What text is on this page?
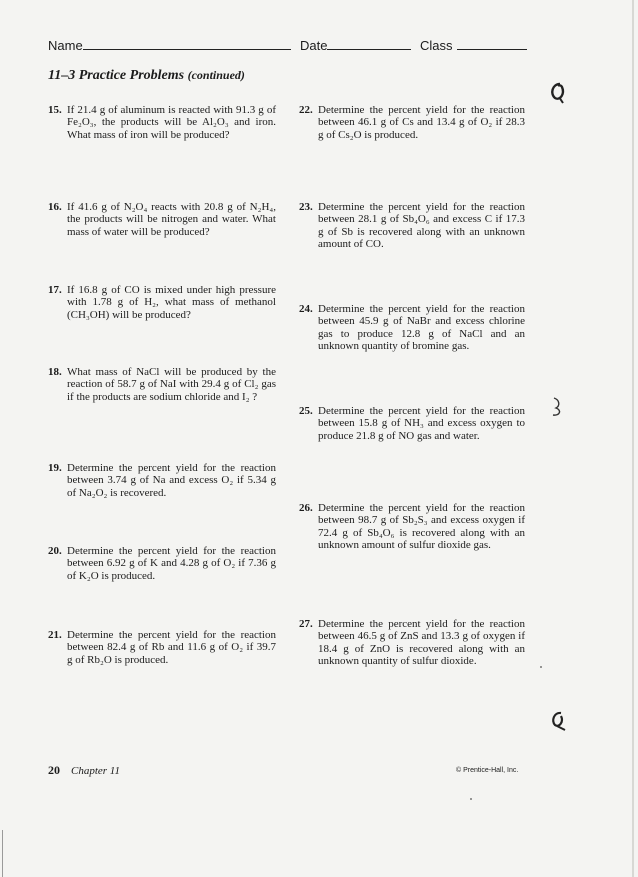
Name	Date	Class
11–3 Practice Problems (continued)
15. If 21.4 g of aluminum is reacted with 91.3 g of Fe₂O₃, the products will be Al₂O₃ and iron. What mass of iron will be produced?
16. If 41.6 g of N₂O₄ reacts with 20.8 g of N₂H₄, the products will be nitrogen and water. What mass of water will be produced?
17. If 16.8 g of CO is mixed under high pressure with 1.78 g of H₂, what mass of methanol (CH₃OH) will be produced?
18. What mass of NaCl will be produced by the reaction of 58.7 g of NaI with 29.4 g of Cl₂ gas if the products are sodium chloride and I₂ ?
19. Determine the percent yield for the reaction between 3.74 g of Na and excess O₂ if 5.34 g of Na₂O₂ is recovered.
20. Determine the percent yield for the reaction between 6.92 g of K and 4.28 g of O₂ if 7.36 g of K₂O is produced.
21. Determine the percent yield for the reaction between 82.4 g of Rb and 11.6 g of O₂ if 39.7 g of Rb₂O is produced.
22. Determine the percent yield for the reaction between 46.1 g of Cs and 13.4 g of O₂ if 28.3 g of Cs₂O is produced.
23. Determine the percent yield for the reaction between 28.1 g of Sb₄O₆ and excess C if 17.3 g of Sb is recovered along with an unknown amount of CO.
24. Determine the percent yield for the reaction between 45.9 g of NaBr and excess chlorine gas to produce 12.8 g of NaCl and an unknown quantity of bromine gas.
25. Determine the percent yield for the reaction between 15.8 g of NH₃ and excess oxygen to produce 21.8 g of NO gas and water.
26. Determine the percent yield for the reaction between 98.7 g of Sb₂S₃ and excess oxygen if 72.4 g of Sb₄O₆ is recovered along with an unknown amount of sulfur dioxide gas.
27. Determine the percent yield for the reaction between 46.5 g of ZnS and 13.3 g of oxygen if 18.4 g of ZnO is recovered along with an unknown quantity of sulfur dioxide.
20 Chapter 11	© Prentice-Hall, Inc.
